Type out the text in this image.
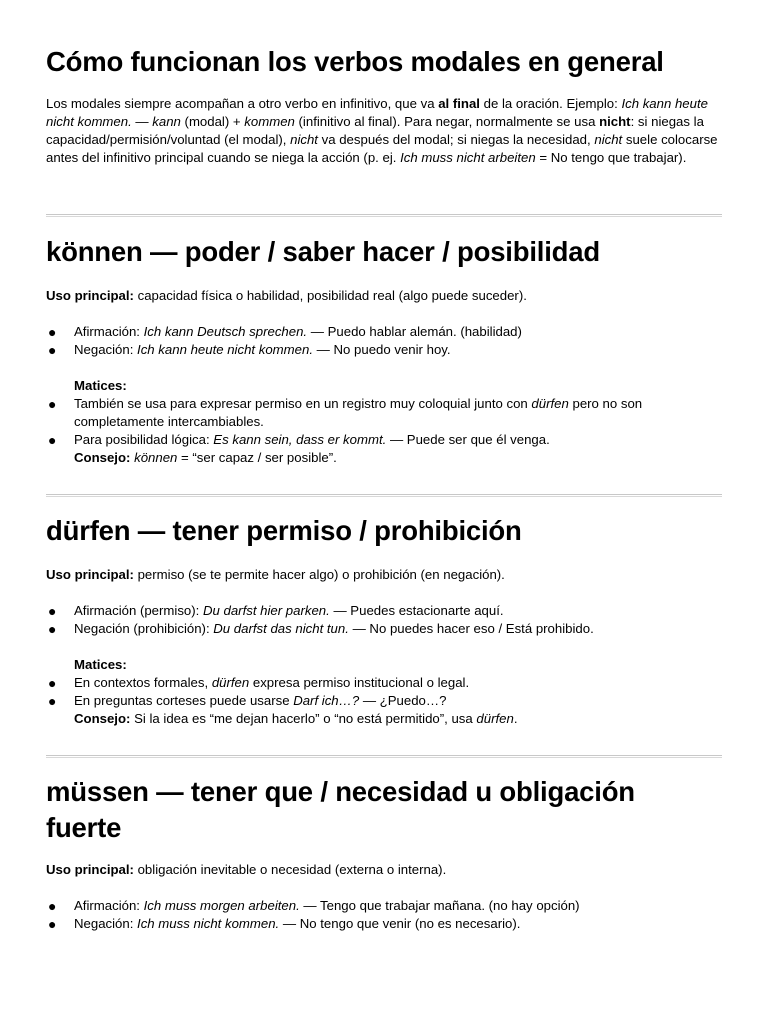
Cómo funcionan los verbos modales en general

Los modales siempre acompañan a otro verbo en infinitivo, que va al final de la oración. Ejemplo: Ich kann heute nicht kommen. — kann (modal) + kommen (infinitivo al final). Para negar, normalmente se usa nicht: si niegas la capacidad/permisión/voluntad (el modal), nicht va después del modal; si niegas la necesidad, nicht suele colocarse antes del infinitivo principal cuando se niega la acción (p. ej. Ich muss nicht arbeiten = No tengo que trabajar).

können — poder / saber hacer / posibilidad

Uso principal: capacidad física o habilidad, posibilidad real (algo puede suceder).

● Afirmación: Ich kann Deutsch sprechen. — Puedo hablar alemán. (habilidad)
● Negación: Ich kann heute nicht kommen. — No puedo venir hoy.
Matices:
● También se usa para expresar permiso en un registro muy coloquial junto con dürfen pero no son completamente intercambiables.
● Para posibilidad lógica: Es kann sein, dass er kommt. — Puede ser que él venga.
Consejo: können = “ser capaz / ser posible”.
dürfen — tener permiso / prohibición

Uso principal: permiso (se te permite hacer algo) o prohibición (en negación).

● Afirmación (permiso): Du darfst hier parken. — Puedes estacionarte aquí.
● Negación (prohibición): Du darfst das nicht tun. — No puedes hacer eso / Está prohibido.
Matices:
● En contextos formales, dürfen expresa permiso institucional o legal.
● En preguntas corteses puede usarse Darf ich…? — ¿Puedo…?
Consejo: Si la idea es “me dejan hacerlo” o “no está permitido”, usa dürfen.
müssen — tener que / necesidad u obligación fuerte

Uso principal: obligación inevitable o necesidad (externa o interna).

● Afirmación: Ich muss morgen arbeiten. — Tengo que trabajar mañana. (no hay opción)
● Negación: Ich muss nicht kommen. — No tengo que venir (no es necesario).
